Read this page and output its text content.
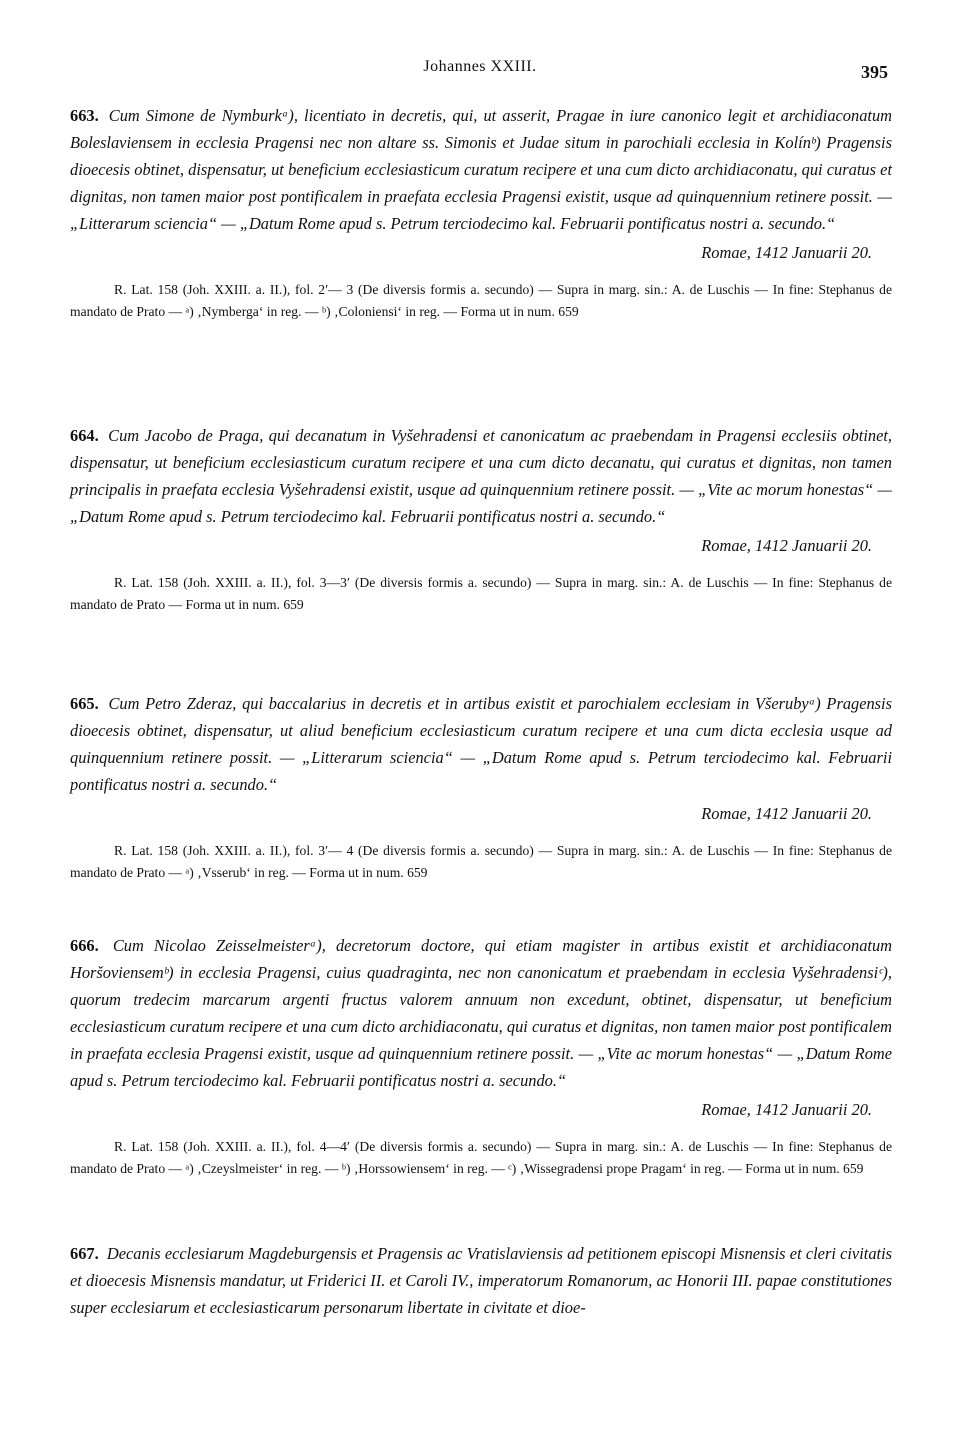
Johannes XXIII.	395

663. Cum Simone de Nymburkᵃ), licentiato in decretis, qui, ut asserit, Pragae in iure canonico legit et archidiaconatum Boleslaviensem in ecclesia Pragensi nec non altare ss. Simonis et Judae situm in parochiali ecclesia in Kolínᵇ) Pragensis dioecesis obtinet, dispensatur, ut beneficium ecclesiasticum curatum recipere et una cum dicto archidiaconatu, qui curatus et dignitas, non tamen maior post pontificalem in praefata ecclesia Pragensi existit, usque ad quinquennium retinere possit. — „Litterarum sciencia“ — „Datum Rome apud s. Petrum terciodecimo kal. Februarii pontificatus nostri a. secundo.“

Romae, 1412 Januarii 20.
R. Lat. 158 (Joh. XXIII. a. II.), fol. 2′— 3 (De diversis formis a. secundo) — Supra in marg. sin.: A. de Luschis — In fine: Stephanus de mandato de Prato — ᵃ) ‚Nymberga‘ in reg. — ᵇ) ‚Coloniensi‘ in reg. — Forma ut in num. 659

664. Cum Jacobo de Praga, qui decanatum in Vyšehradensi et canonicatum ac praebendam in Pragensi ecclesiis obtinet, dispensatur, ut beneficium ecclesiasticum curatum recipere et una cum dicto decanatu, qui curatus et dignitas, non tamen principalis in praefata ecclesia Vyšehradensi existit, usque ad quinquennium retinere possit. — „Vite ac morum honestas“ — „Datum Rome apud s. Petrum terciodecimo kal. Februarii pontificatus nostri a. secundo.“

Romae, 1412 Januarii 20.
R. Lat. 158 (Joh. XXIII. a. II.), fol. 3—3′ (De diversis formis a. secundo) — Supra in marg. sin.: A. de Luschis — In fine: Stephanus de mandato de Prato — Forma ut in num. 659

665. Cum Petro Zderaz, qui baccalarius in decretis et in artibus existit et parochialem ecclesiam in Všerubyᵃ) Pragensis dioecesis obtinet, dispensatur, ut aliud beneficium ecclesiasticum curatum recipere et una cum dicta ecclesia usque ad quinquennium retinere possit. — „Litterarum sciencia“ — „Datum Rome apud s. Petrum terciodecimo kal. Februarii pontificatus nostri a. secundo.“

Romae, 1412 Januarii 20.
R. Lat. 158 (Joh. XXIII. a. II.), fol. 3′— 4 (De diversis formis a. secundo) — Supra in marg. sin.: A. de Luschis — In fine: Stephanus de mandato de Prato — ᵃ) ‚Vsserub‘ in reg. — Forma ut in num. 659

666. Cum Nicolao Zeisselmeisterᵃ), decretorum doctore, qui etiam magister in artibus existit et archidiaconatum Horšoviensemᵇ) in ecclesia Pragensi, cuius quadraginta, nec non canonicatum et praebendam in ecclesia Vyšehradensiᶜ), quorum tredecim marcarum argenti fructus valorem annuum non excedunt, obtinet, dispensatur, ut beneficium ecclesiasticum curatum recipere et una cum dicto archidiaconatu, qui curatus et dignitas, non tamen maior post pontificalem in praefata ecclesia Pragensi existit, usque ad quinquennium retinere possit. — „Vite ac morum honestas“ — „Datum Rome apud s. Petrum terciodecimo kal. Februarii pontificatus nostri a. secundo.“

Romae, 1412 Januarii 20.
R. Lat. 158 (Joh. XXIII. a. II.), fol. 4—4′ (De diversis formis a. secundo) — Supra in marg. sin.: A. de Luschis — In fine: Stephanus de mandato de Prato — ᵃ) ‚Czeyslmeister‘ in reg. — ᵇ) ‚Horssowiensem‘ in reg. — ᶜ) ‚Wissegradensi prope Pragam‘ in reg. — Forma ut in num. 659

667. Decanis ecclesiarum Magdeburgensis et Pragensis ac Vratislaviensis ad petitionem episcopi Misnensis et cleri civitatis et dioecesis Misnensis mandatur, ut Friderici II. et Caroli IV., imperatorum Romanorum, ac Honorii III. papae constitutiones super ecclesiarum et ecclesiasticarum personarum libertate in civitate et dioe-
